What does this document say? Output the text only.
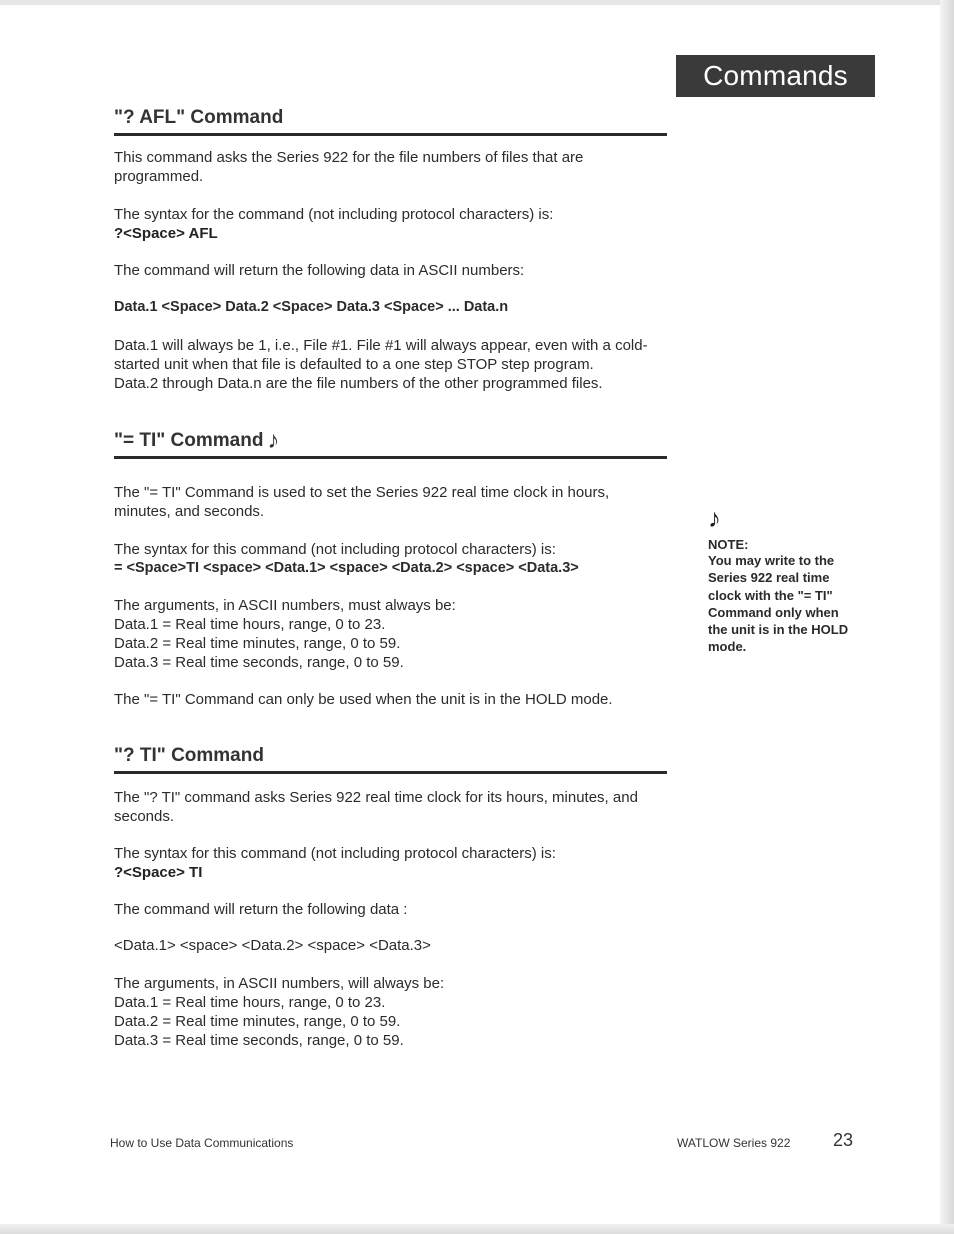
Commands
"? AFL" Command

This command asks the Series 922 for the file numbers of files that are programmed.

The syntax for the command (not including protocol characters) is:

?<Space> AFL

The command will return the following data in ASCII numbers:

Data.1 <Space> Data.2 <Space> Data.3 <Space> ... Data.n

Data.1 will always be 1, i.e., File #1. File #1 will always appear, even with a cold-started unit when that file is defaulted to a one step STOP step program.

Data.2 through Data.n are the file numbers of the other programmed files.

"= TI" Command ♪

The "= TI" Command is used to set the Series 922 real time clock in hours, minutes, and seconds.

The syntax for this command (not including protocol characters) is:

= <Space>TI <space> <Data.1> <space> <Data.2> <space> <Data.3>

The arguments, in ASCII numbers, must always be:

Data.1 = Real time hours, range, 0 to 23.

Data.2 = Real time minutes, range, 0 to 59.

Data.3 = Real time seconds, range, 0 to 59.

The "= TI" Command can only be used when the unit is in the HOLD mode.

"? TI" Command

The "? TI" command asks Series 922 real time clock for its hours, minutes, and seconds.

The syntax for this command (not including protocol characters) is:

?<Space> TI

The command will return the following data :

<Data.1> <space> <Data.2> <space> <Data.3>

The arguments, in ASCII numbers, will always be:

Data.1 = Real time hours, range, 0 to 23.

Data.2 = Real time minutes, range, 0 to 59.

Data.3 = Real time seconds, range, 0 to 59.

♪
NOTE:
You may write to the Series 922 real time clock with the "= TI" Command only when the unit is in the HOLD mode.
How to Use Data Communications	WATLOW Series 922 23
